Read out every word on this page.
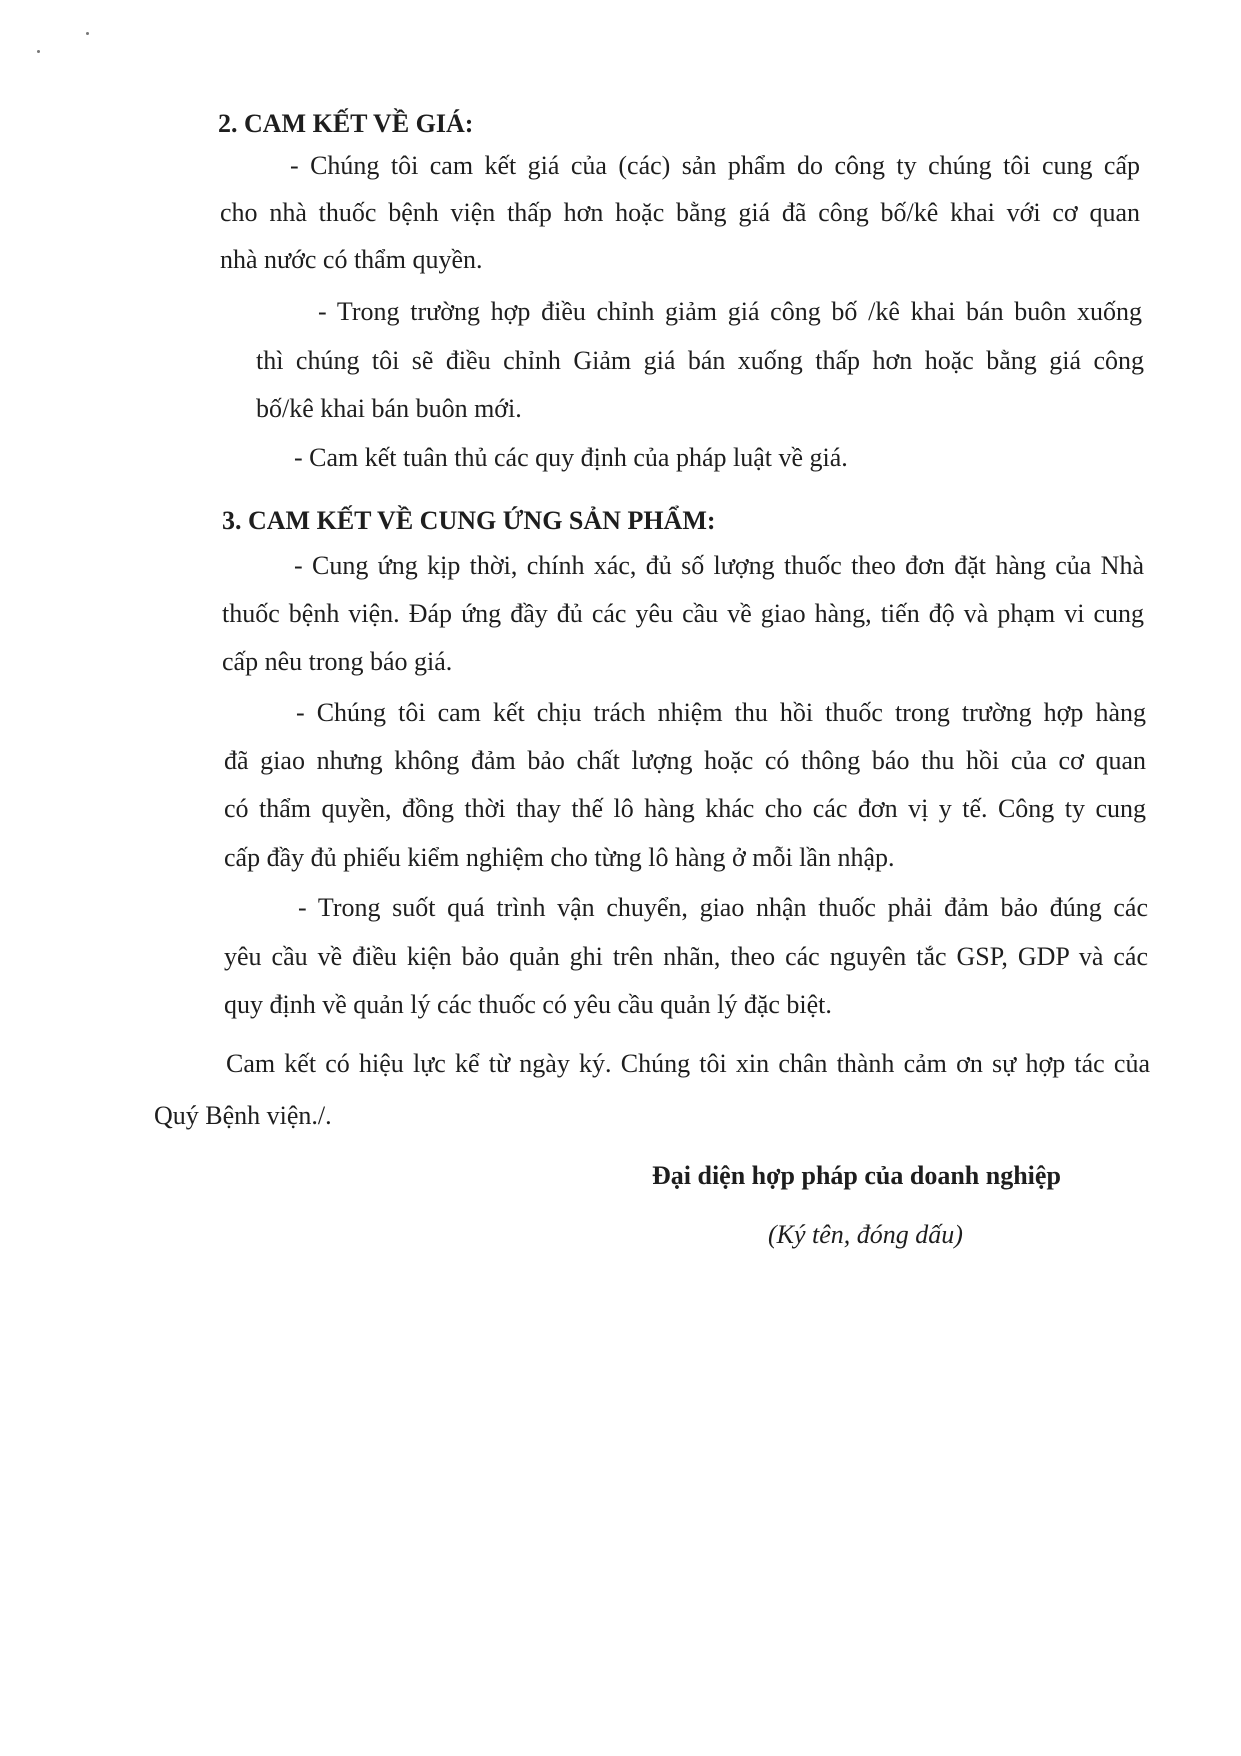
2. CAM KẾT VỀ GIÁ:
- Chúng tôi cam kết giá của (các) sản phẩm do công ty chúng tôi cung cấp
cho nhà thuốc bệnh viện thấp hơn hoặc bằng giá đã công bố/kê khai với cơ quan
nhà nước có thẩm quyền.
- Trong trường hợp điều chỉnh giảm giá công bố /kê khai bán buôn xuống
thì chúng tôi sẽ điều chỉnh Giảm giá bán xuống thấp hơn hoặc bằng giá công
bố/kê khai bán buôn mới.
- Cam kết tuân thủ các quy định của pháp luật về giá.
3. CAM KẾT VỀ CUNG ỨNG SẢN PHẨM:
- Cung ứng kịp thời, chính xác, đủ số lượng thuốc theo đơn đặt hàng của Nhà
thuốc bệnh viện. Đáp ứng đầy đủ các yêu cầu về giao hàng, tiến độ và phạm vi cung
cấp nêu trong báo giá.
- Chúng tôi cam kết chịu trách nhiệm thu hồi thuốc trong trường hợp hàng
đã giao nhưng không đảm bảo chất lượng hoặc có thông báo thu hồi của cơ quan
có thẩm quyền, đồng thời thay thế lô hàng khác cho các đơn vị y tế. Công ty cung
cấp đầy đủ phiếu kiểm nghiệm cho từng lô hàng ở mỗi lần nhập.
- Trong suốt quá trình vận chuyển, giao nhận thuốc phải đảm bảo đúng các
yêu cầu về điều kiện bảo quản ghi trên nhãn, theo các nguyên tắc GSP, GDP và các
quy định về quản lý các thuốc có yêu cầu quản lý đặc biệt.
Cam kết có hiệu lực kể từ ngày ký. Chúng tôi xin chân thành cảm ơn sự hợp tác của
Quý Bệnh viện./.
Đại diện hợp pháp của doanh nghiệp
(Ký tên, đóng dấu)
